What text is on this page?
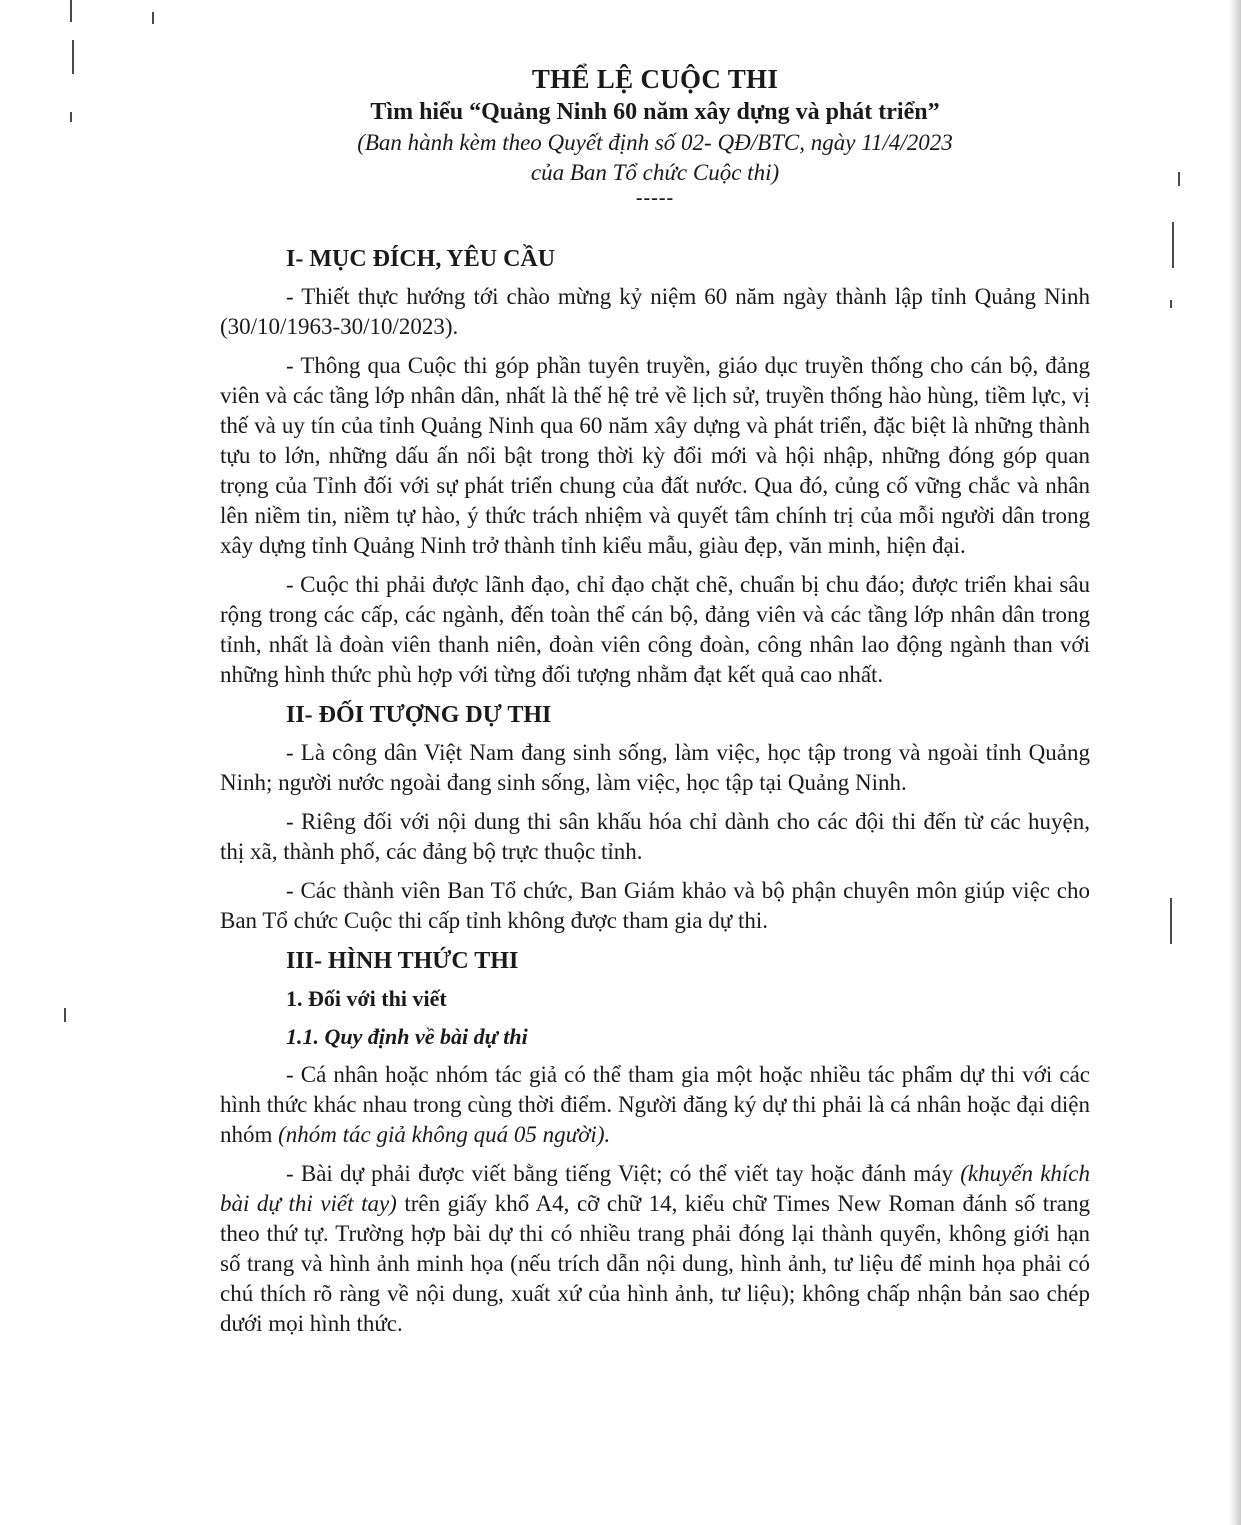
THỂ LỆ CUỘC THI
Tìm hiểu “Quảng Ninh 60 năm xây dựng và phát triển”
(Ban hành kèm theo Quyết định số 02- QĐ/BTC, ngày 11/4/2023
của Ban Tổ chức Cuộc thi)
-----
I- MỤC ĐÍCH, YÊU CẦU

- Thiết thực hướng tới chào mừng kỷ niệm 60 năm ngày thành lập tỉnh Quảng Ninh (30/10/1963-30/10/2023).

- Thông qua Cuộc thi góp phần tuyên truyền, giáo dục truyền thống cho cán bộ, đảng viên và các tầng lớp nhân dân, nhất là thế hệ trẻ về lịch sử, truyền thống hào hùng, tiềm lực, vị thế và uy tín của tỉnh Quảng Ninh qua 60 năm xây dựng và phát triển, đặc biệt là những thành tựu to lớn, những dấu ấn nổi bật trong thời kỳ đổi mới và hội nhập, những đóng góp quan trọng của Tỉnh đối với sự phát triển chung của đất nước. Qua đó, củng cố vững chắc và nhân lên niềm tin, niềm tự hào, ý thức trách nhiệm và quyết tâm chính trị của mỗi người dân trong xây dựng tỉnh Quảng Ninh trở thành tỉnh kiểu mẫu, giàu đẹp, văn minh, hiện đại.

- Cuộc thi phải được lãnh đạo, chỉ đạo chặt chẽ, chuẩn bị chu đáo; được triển khai sâu rộng trong các cấp, các ngành, đến toàn thể cán bộ, đảng viên và các tầng lớp nhân dân trong tỉnh, nhất là đoàn viên thanh niên, đoàn viên công đoàn, công nhân lao động ngành than với những hình thức phù hợp với từng đối tượng nhằm đạt kết quả cao nhất.

II- ĐỐI TƯỢNG DỰ THI

- Là công dân Việt Nam đang sinh sống, làm việc, học tập trong và ngoài tỉnh Quảng Ninh; người nước ngoài đang sinh sống, làm việc, học tập tại Quảng Ninh.

- Riêng đối với nội dung thi sân khấu hóa chỉ dành cho các đội thi đến từ các huyện, thị xã, thành phố, các đảng bộ trực thuộc tỉnh.

- Các thành viên Ban Tổ chức, Ban Giám khảo và bộ phận chuyên môn giúp việc cho Ban Tổ chức Cuộc thi cấp tỉnh không được tham gia dự thi.

III- HÌNH THỨC THI
1. Đối với thi viết
1.1. Quy định về bài dự thi

- Cá nhân hoặc nhóm tác giả có thể tham gia một hoặc nhiều tác phẩm dự thi với các hình thức khác nhau trong cùng thời điểm. Người đăng ký dự thi phải là cá nhân hoặc đại diện nhóm (nhóm tác giả không quá 05 người).

- Bài dự phải được viết bằng tiếng Việt; có thể viết tay hoặc đánh máy (khuyến khích bài dự thi viết tay) trên giấy khổ A4, cỡ chữ 14, kiểu chữ Times New Roman đánh số trang theo thứ tự. Trường hợp bài dự thi có nhiều trang phải đóng lại thành quyển, không giới hạn số trang và hình ảnh minh họa (nếu trích dẫn nội dung, hình ảnh, tư liệu để minh họa phải có chú thích rõ ràng về nội dung, xuất xứ của hình ảnh, tư liệu); không chấp nhận bản sao chép dưới mọi hình thức.
